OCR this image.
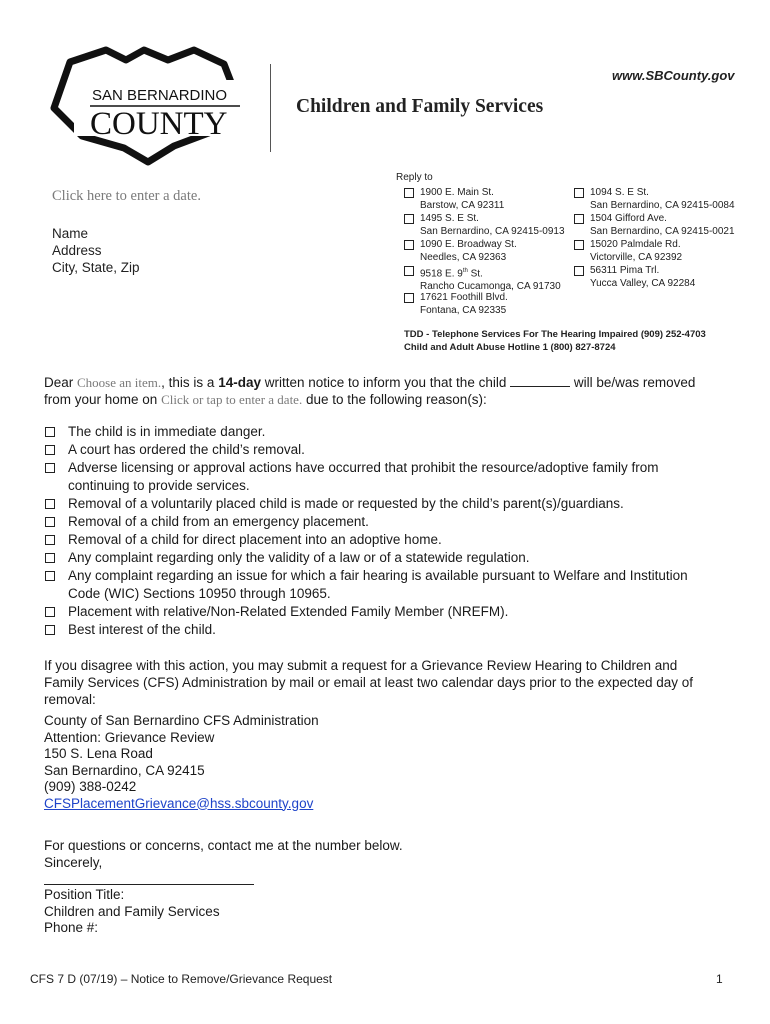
SAN BERNARDINO
COUNTY
www.SBCounty.gov
Children and Family Services
Click here to enter a date.
Name
Address
City, State, Zip
Reply to
1900 E. Main St.
Barstow, CA 92311
1495 S. E St.
San Bernardino, CA 92415-0913
1090 E. Broadway St.
Needles, CA 92363
9518 E. 9th St.
Rancho Cucamonga, CA 91730
17621 Foothill Blvd.
Fontana, CA 92335
1094 S. E St.
San Bernardino, CA 92415-0084
1504 Gifford Ave.
San Bernardino, CA 92415-0021
15020 Palmdale Rd.
Victorville, CA 92392
56311 Pima Trl.
Yucca Valley, CA 92284
TDD - Telephone Services For The Hearing Impaired (909) 252-4703
Child and Adult Abuse Hotline 1 (800) 827-8724
Dear Choose an item., this is a 14-day written notice to inform you that the child	will be/was removed
from your home on Click or tap to enter a date. due to the following reason(s):
The child is in immediate danger.
A court has ordered the child’s removal.
Adverse licensing or approval actions have occurred that prohibit the resource/adoptive family from
continuing to provide services.
Removal of a voluntarily placed child is made or requested by the child’s parent(s)/guardians.
Removal of a child from an emergency placement.
Removal of a child for direct placement into an adoptive home.
Any complaint regarding only the validity of a law or of a statewide regulation.
Any complaint regarding an issue for which a fair hearing is available pursuant to Welfare and Institution
Code (WIC) Sections 10950 through 10965.
Placement with relative/Non-Related Extended Family Member (NREFM).
Best interest of the child.
If you disagree with this action, you may submit a request for a Grievance Review Hearing to Children and
Family Services (CFS) Administration by mail or email at least two calendar days prior to the expected day of
removal:
County of San Bernardino CFS Administration
Attention: Grievance Review
150 S. Lena Road
San Bernardino, CA 92415
(909) 388-0242
CFSPlacementGrievance@hss.sbcounty.gov
For questions or concerns, contact me at the number below.
Sincerely,
Position Title:
Children and Family Services
Phone #:
CFS 7 D (07/19) – Notice to Remove/Grievance Request	1
